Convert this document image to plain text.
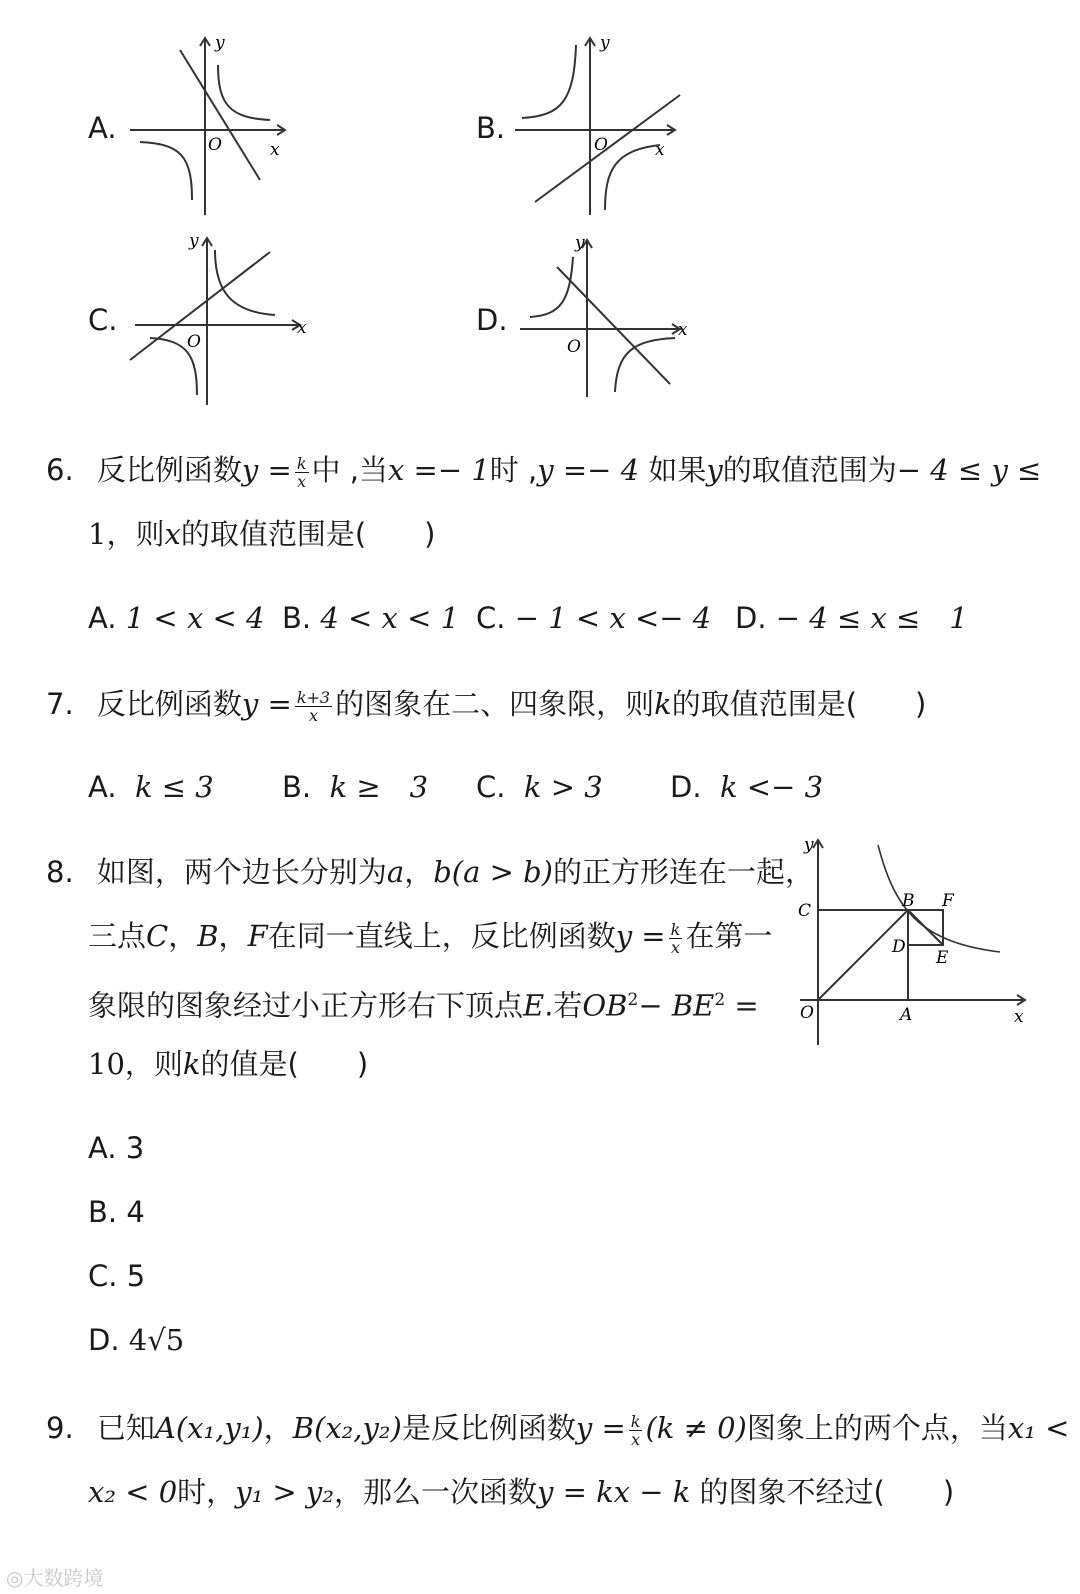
A.
y
x
O	B.
y
x
O
C.
y
x
O
D.
y
x
O
6. 反比例函数$y = \frac{k}{x}$ 中 ,当x =− 1时 ,y =− 4 如果y的取值范围为− 4 ≤ y ≤
1，则x的取值范围是(　　)
A. 1 < x < 4 B. 4 < x < 1 C. − 1 < x <− 4 D. − 4 ≤ x ≤　1
7. 反比例函数$y = \frac{k+3}{x}$ 的图象在二、四象限，则k的取值范围是(　　)
A. k ≤ 3 B. k ≥　3 C. k > 3 D. k <− 3
8. 如图，两个边长分别为a，b(a > b)的正方形连在一起，
三点C，B，F在同一直线上，反比例函数$y = \frac{k}{x}$ 在第一
象限的图象经过小正方形右下顶点E.若$OB^2- BE^2$ =
10，则k的值是(　　)
y
x
O	A
B
C
D
E
F
A. 3
B. 4
C. 5
D. 4√5
9. 已知A(x₁,y₁)，B(x₂,y₂)是反比例函数$y = \frac{k}{x} (k \ne 0)$图象上的两个点，当x₁ <
x₂ < 0时，y₁ > y₂，那么一次函数y = kx − k 的图象不经过(　　)
◎大数跨境
